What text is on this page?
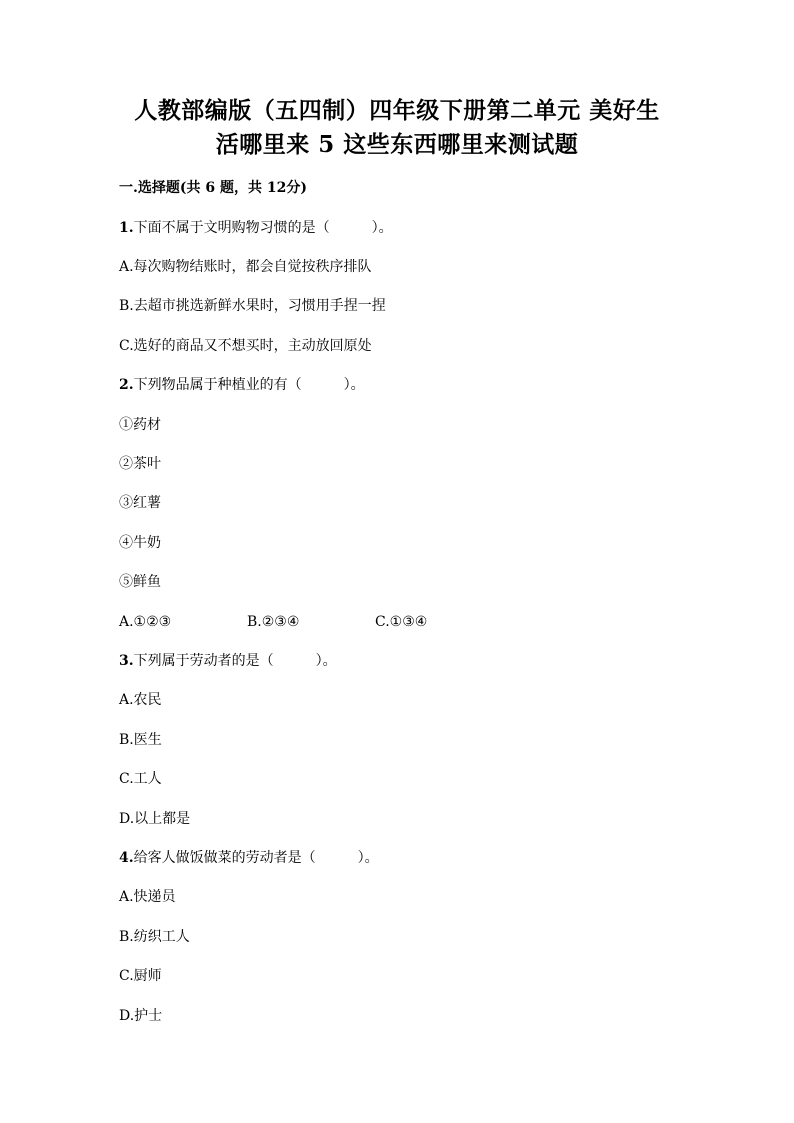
人教部编版（五四制）四年级下册第二单元 美好生
活哪里来 5 这些东西哪里来测试题
一.选择题(共 6 题，共 12分)
1.下面不属于文明购物习惯的是（　　　）。
A.每次购物结账时，都会自觉按秩序排队
B.去超市挑选新鲜水果时，习惯用手捏一捏
C.选好的商品又不想买时，主动放回原处
2.下列物品属于种植业的有（　　　）。
①药材
②茶叶
③红薯
④牛奶
⑤鲜鱼
A.①②③	B.②③④	C.①③④
3.下列属于劳动者的是（　　　）。
A.农民
B.医生
C.工人
D.以上都是
4.给客人做饭做菜的劳动者是（　　　）。
A.快递员
B.纺织工人
C.厨师
D.护士
